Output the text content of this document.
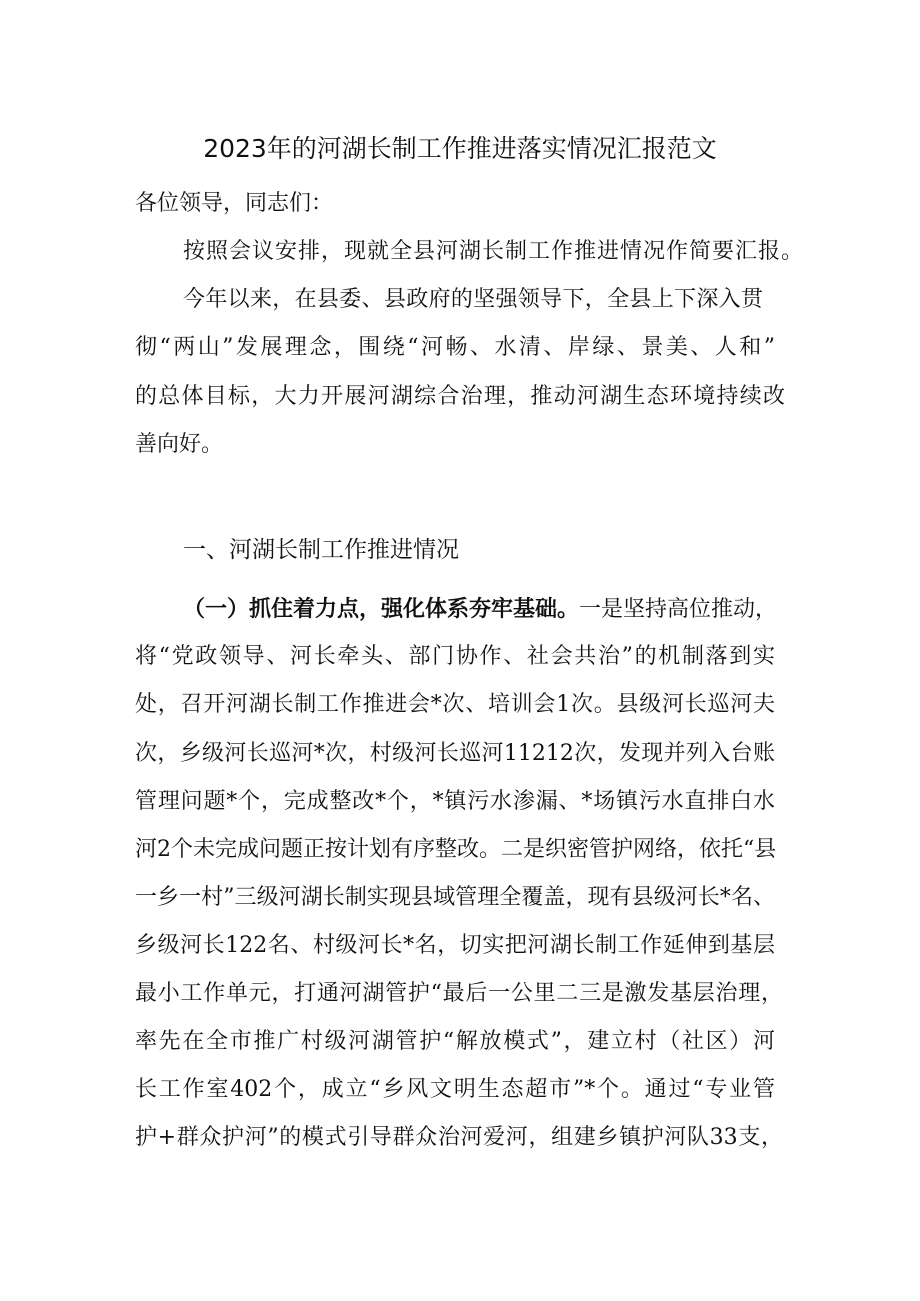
2023年的河湖长制工作推进落实情况汇报范文
各位领导，同志们：
按照会议安排，现就全县河湖长制工作推进情况作简要汇报。
今年以来，在县委、县政府的坚强领导下，全县上下深入贯
彻“两山”发展理念，围绕“河畅、水清、岸绿、景美、人和”
的总体目标，大力开展河湖综合治理，推动河湖生态环境持续改
善向好。
一、河湖长制工作推进情况
（一）抓住着力点，强化体系夯牢基础。一是坚持高位推动，
将“党政领导、河长牵头、部门协作、社会共治”的机制落到实
处，召开河湖长制工作推进会*次、培训会1次。县级河长巡河夫
次，乡级河长巡河*次，村级河长巡河11212次，发现并列入台账
管理问题*个，完成整改*个，*镇污水渗漏、*场镇污水直排白水
河2个未完成问题正按计划有序整改。二是织密管护网络，依托“县
一乡一村”三级河湖长制实现县域管理全覆盖，现有县级河长*名、
乡级河长122名、村级河长*名，切实把河湖长制工作延伸到基层
最小工作单元，打通河湖管护“最后一公里二三是激发基层治理，
率先在全市推广村级河湖管护“解放模式”，建立村（社区）河
长工作室402个，成立“乡风文明生态超市”*个。通过“专业管
护+群众护河”的模式引导群众治河爱河，组建乡镇护河队33支，
